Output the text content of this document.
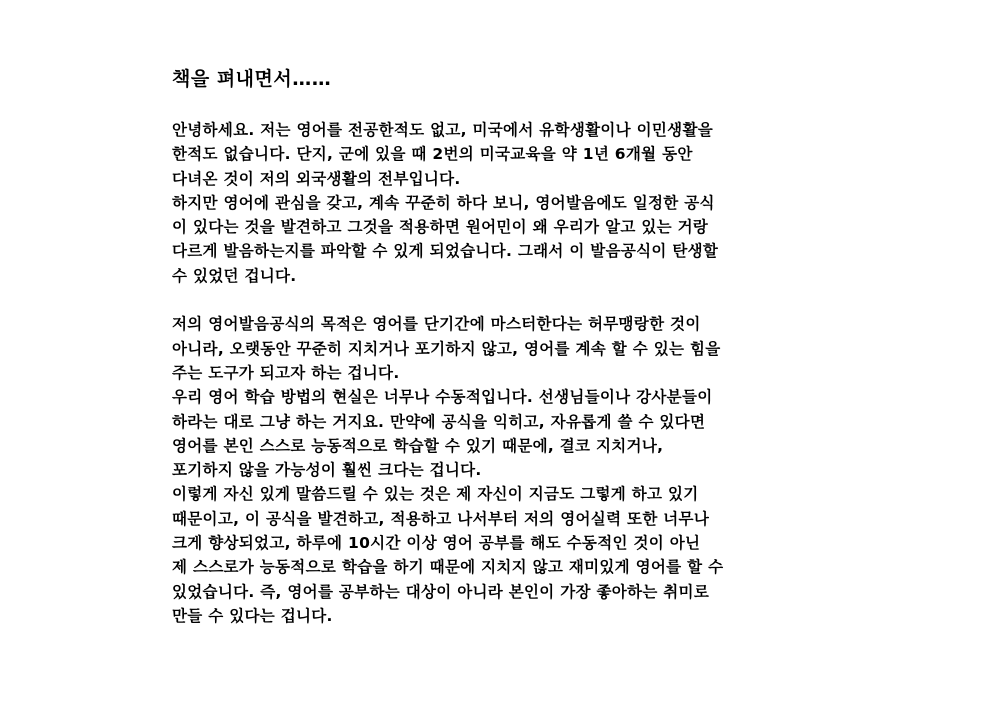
책을 펴내면서……
안녕하세요. 저는 영어를 전공한적도 없고, 미국에서 유학생활이나 이민생활을
한적도 없습니다. 단지, 군에 있을 때 2번의 미국교육을 약 1년 6개월 동안
다녀온 것이 저의 외국생활의 전부입니다.
하지만 영어에 관심을 갖고, 계속 꾸준히 하다 보니, 영어발음에도 일정한 공식
이 있다는 것을 발견하고 그것을 적용하면 원어민이 왜 우리가 알고 있는 거랑
다르게 발음하는지를 파악할 수 있게 되었습니다. 그래서 이 발음공식이 탄생할
수 있었던 겁니다.
저의 영어발음공식의 목적은 영어를 단기간에 마스터한다는 허무맹랑한 것이
아니라, 오랫동안 꾸준히 지치거나 포기하지 않고, 영어를 계속 할 수 있는 힘을
주는 도구가 되고자 하는 겁니다.
우리 영어 학습 방법의 현실은 너무나 수동적입니다. 선생님들이나 강사분들이
하라는 대로 그냥 하는 거지요. 만약에 공식을 익히고, 자유롭게 쓸 수 있다면
영어를 본인 스스로 능동적으로 학습할 수 있기 때문에, 결코 지치거나,
포기하지 않을 가능성이 훨씬 크다는 겁니다.
이렇게 자신 있게 말씀드릴 수 있는 것은 제 자신이 지금도 그렇게 하고 있기
때문이고, 이 공식을 발견하고, 적용하고 나서부터 저의 영어실력 또한 너무나
크게 향상되었고, 하루에 10시간 이상 영어 공부를 해도 수동적인 것이 아닌
제 스스로가 능동적으로 학습을 하기 때문에 지치지 않고 재미있게 영어를 할 수
있었습니다. 즉, 영어를 공부하는 대상이 아니라 본인이 가장 좋아하는 취미로
만들 수 있다는 겁니다.
